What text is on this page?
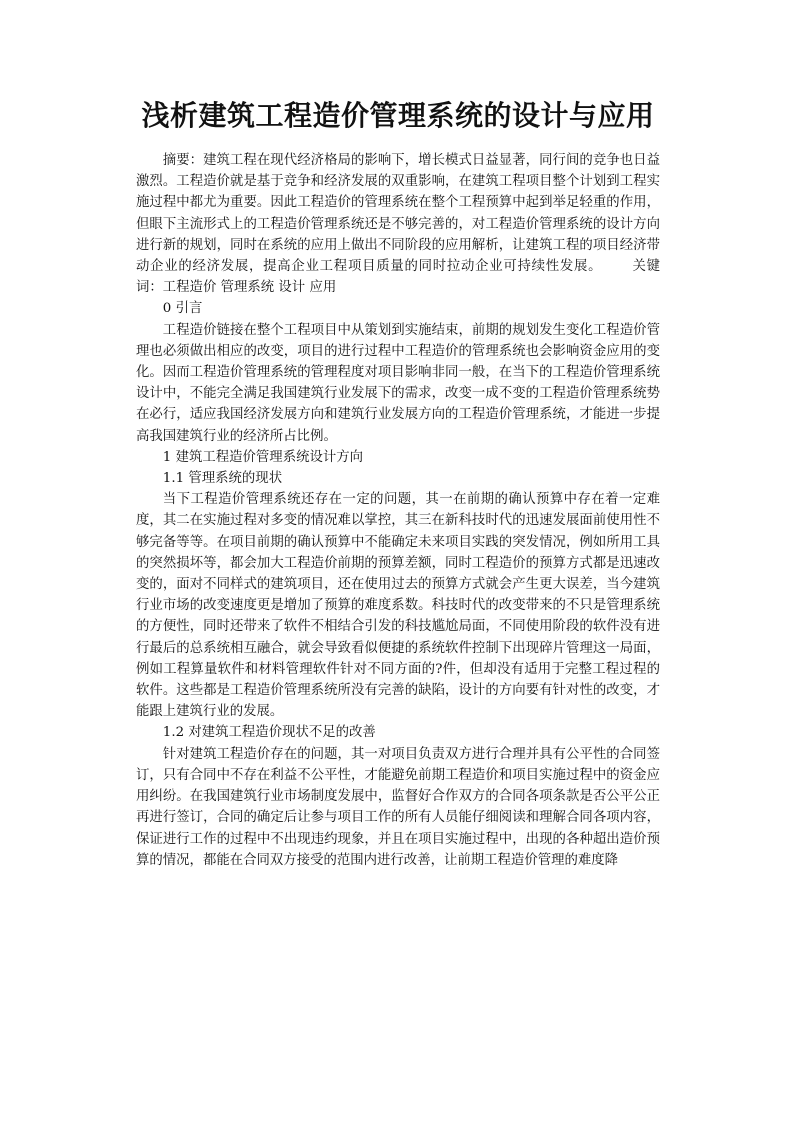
浅析建筑工程造价管理系统的设计与应用

摘要：建筑工程在现代经济格局的影响下，增长模式日益显著，同行间的竞争也日益激烈。工程造价就是基于竞争和经济发展的双重影响，在建筑工程项目整个计划到工程实施过程中都尤为重要。因此工程造价的管理系统在整个工程预算中起到举足轻重的作用，但眼下主流形式上的工程造价管理系统还是不够完善的，对工程造价管理系统的设计方向进行新的规划，同时在系统的应用上做出不同阶段的应用解析，让建筑工程的项目经济带动企业的经济发展，提高企业工程项目质量的同时拉动企业可持续性发展。 关键词：工程造价 管理系统 设计 应用

0 引言

工程造价链接在整个工程项目中从策划到实施结束，前期的规划发生变化工程造价管理也必须做出相应的改变，项目的进行过程中工程造价的管理系统也会影响资金应用的变化。因而工程造价管理系统的管理程度对项目影响非同一般，在当下的工程造价管理系统设计中，不能完全满足我国建筑行业发展下的需求，改变一成不变的工程造价管理系统势在必行，适应我国经济发展方向和建筑行业发展方向的工程造价管理系统，才能进一步提高我国建筑行业的经济所占比例。

1 建筑工程造价管理系统设计方向
1.1 管理系统的现状

当下工程造价管理系统还存在一定的问题，其一在前期的确认预算中存在着一定难度，其二在实施过程对多变的情况难以掌控，其三在新科技时代的迅速发展面前使用性不够完备等等。在项目前期的确认预算中不能确定未来项目实践的突发情况，例如所用工具的突然损坏等，都会加大工程造价前期的预算差额，同时工程造价的预算方式都是迅速改变的，面对不同样式的建筑项目，还在使用过去的预算方式就会产生更大误差，当今建筑行业市场的改变速度更是增加了预算的难度系数。科技时代的改变带来的不只是管理系统的方便性，同时还带来了软件不相结合引发的科技尴尬局面，不同使用阶段的软件没有进行最后的总系统相互融合，就会导致看似便捷的系统软件控制下出现碎片管理这一局面，例如工程算量软件和材料管理软件针对不同方面的?件，但却没有适用于完整工程过程的软件。这些都是工程造价管理系统所没有完善的缺陷，设计的方向要有针对性的改变，才能跟上建筑行业的发展。

1.2 对建筑工程造价现状不足的改善

针对建筑工程造价存在的问题，其一对项目负责双方进行合理并具有公平性的合同签订，只有合同中不存在利益不公平性，才能避免前期工程造价和项目实施过程中的资金应用纠纷。在我国建筑行业市场制度发展中，监督好合作双方的合同各项条款是否公平公正再进行签订，合同的确定后让参与项目工作的所有人员能仔细阅读和理解合同各项内容，保证进行工作的过程中不出现违约现象，并且在项目实施过程中，出现的各种超出造价预算的情况，都能在合同双方接受的范围内进行改善，让前期工程造价管理的难度降
